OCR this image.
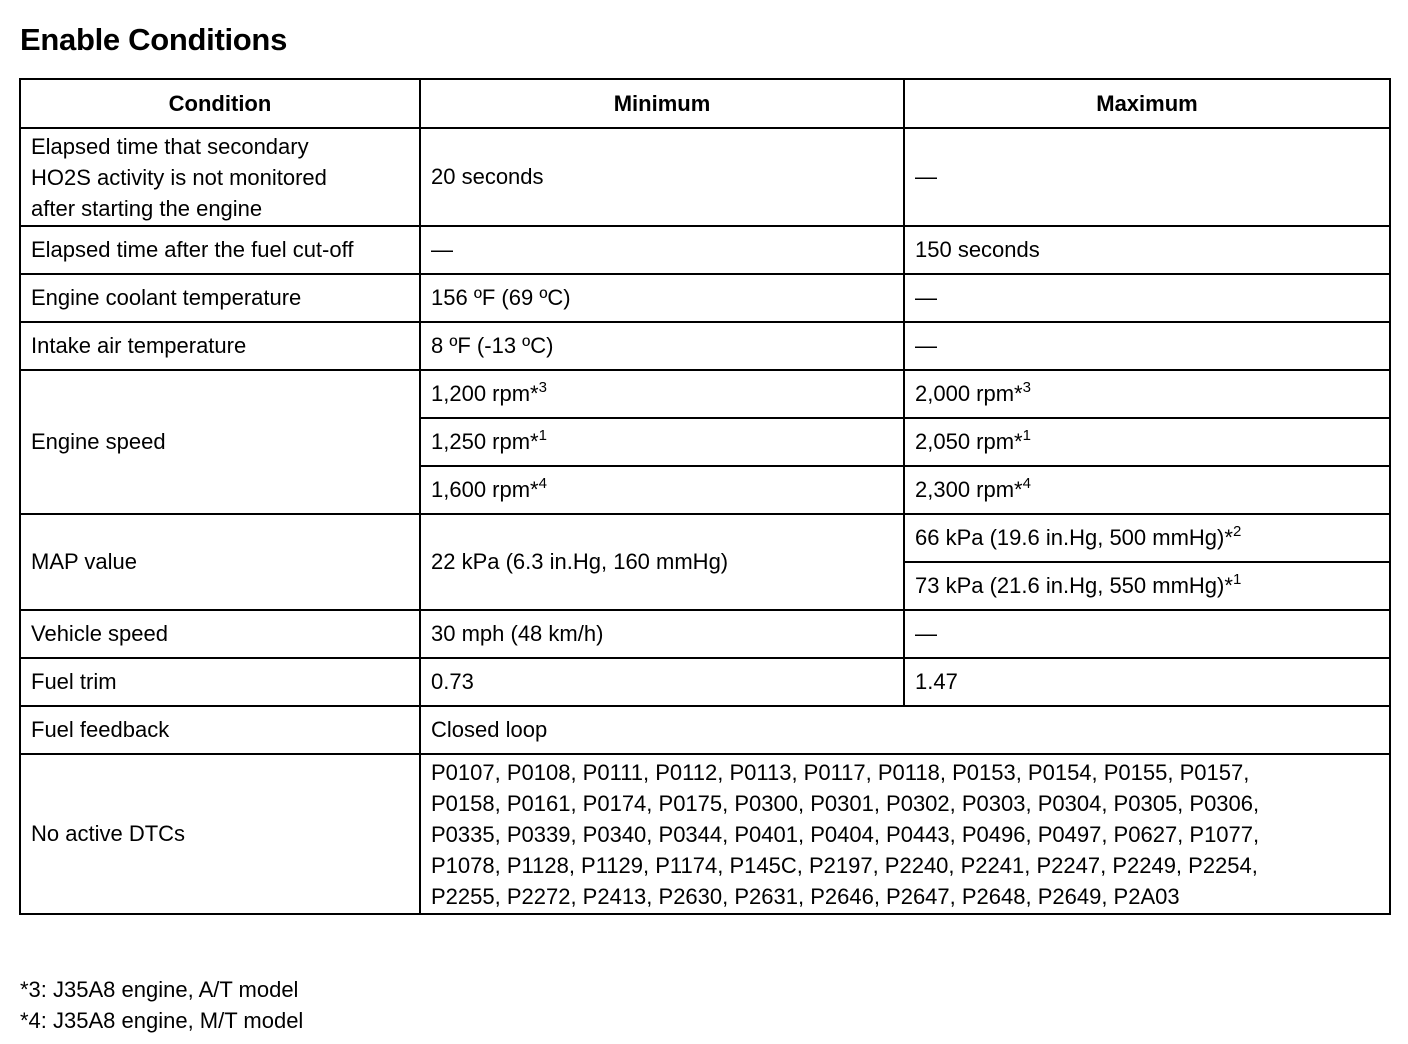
Enable Conditions
Condition	Minimum	Maximum

Elapsed time that secondary
HO2S activity is not monitored
after starting the engine	20 seconds	—
Elapsed time after the fuel cut-off	—	150 seconds
Engine coolant temperature	156 ºF (69 ºC)	—
Intake air temperature	8 ºF (-13 ºC)	—
Engine speed	1,200 rpm*$^3$	2,000 rpm*$^3$
	1,250 rpm*$^1$	2,050 rpm*$^1$
	1,600 rpm*$^4$	2,300 rpm*$^4$
MAP value	22 kPa (6.3 in.Hg, 160 mmHg)	66 kPa (19.6 in.Hg, 500 mmHg)*$^2$
		73 kPa (21.6 in.Hg, 550 mmHg)*$^1$
Vehicle speed	30 mph (48 km/h)	—
Fuel trim	0.73	1.47
Fuel feedback	Closed loop	
No active DTCs	P0107, P0108, P0111, P0112, P0113, P0117, P0118, P0153, P0154, P0155, P0157,
P0158, P0161, P0174, P0175, P0300, P0301, P0302, P0303, P0304, P0305, P0306,
P0335, P0339, P0340, P0344, P0401, P0404, P0443, P0496, P0497, P0627, P1077,
P1078, P1128, P1129, P1174, P145C, P2197, P2240, P2241, P2247, P2249, P2254,
P2255, P2272, P2413, P2630, P2631, P2646, P2647, P2648, P2649, P2A03	
*3: J35A8 engine, A/T model
*4: J35A8 engine, M/T model
